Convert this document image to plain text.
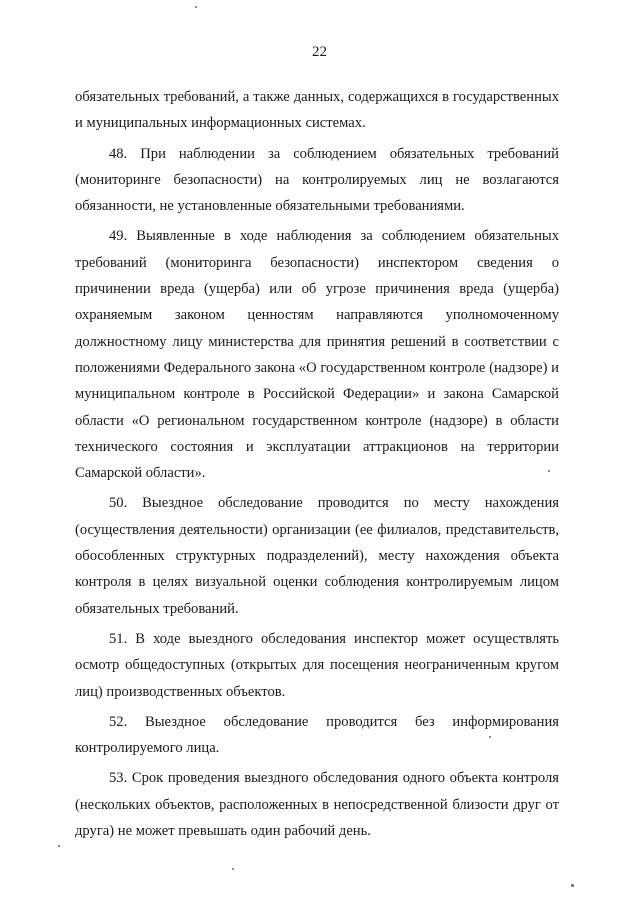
22

обязательных требований, а также данных, содержащихся в государственных и муниципальных информационных системах.

48. При наблюдении за соблюдением обязательных требований (мониторинге безопасности) на контролируемых лиц не возлагаются обязанности, не установленные обязательными требованиями.

49. Выявленные в ходе наблюдения за соблюдением обязательных требований (мониторинга безопасности) инспектором сведения о причинении вреда (ущерба) или об угрозе причинения вреда (ущерба) охраняемым законом ценностям направляются уполномоченному должностному лицу министерства для принятия решений в соответствии с положениями Федерального закона «О государственном контроле (надзоре) и муниципальном контроле в Российской Федерации» и закона Самарской области «О региональном государственном контроле (надзоре) в области технического состояния и эксплуатации аттракционов на территории Самарской области».

50. Выездное обследование проводится по месту нахождения (осуществления деятельности) организации (ее филиалов, представительств, обособленных структурных подразделений), месту нахождения объекта контроля в целях визуальной оценки соблюдения контролируемым лицом обязательных требований.

51. В ходе выездного обследования инспектор может осуществлять осмотр общедоступных (открытых для посещения неограниченным кругом лиц) производственных объектов.

52. Выездное обследование проводится без информирования контролируемого лица.

53. Срок проведения выездного обследования одного объекта контроля (нескольких объектов, расположенных в непосредственной близости друг от друга) не может превышать один рабочий день.
